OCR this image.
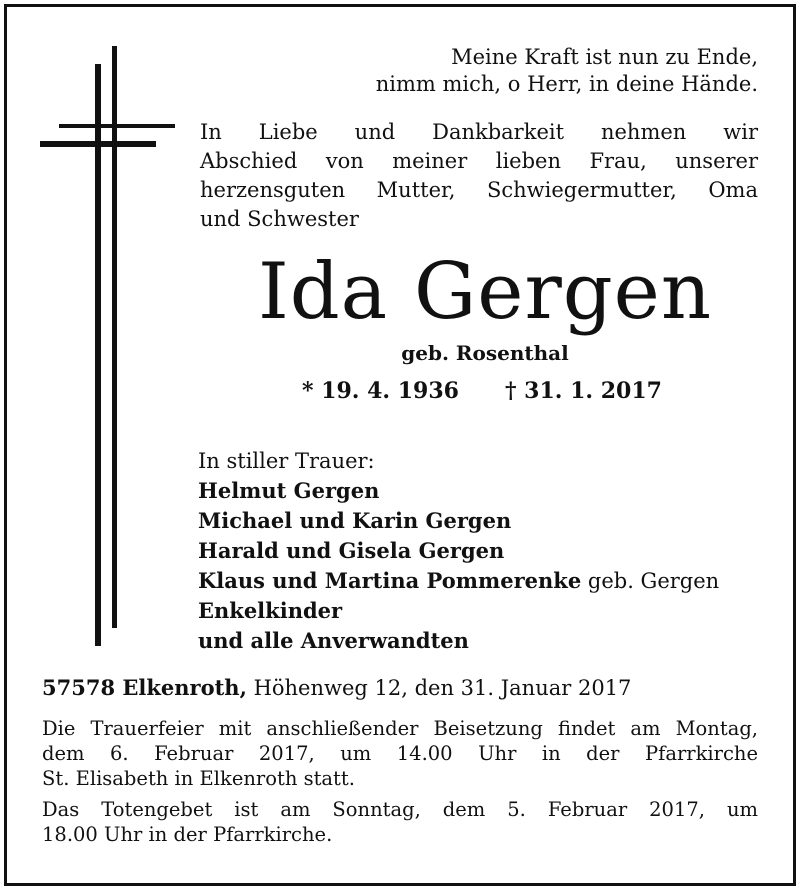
Meine Kraft ist nun zu Ende,
nimm mich, o Herr, in deine Hände.
In Liebe und Dankbarkeit nehmen wir
Abschied von meiner lieben Frau, unserer
herzensguten Mutter, Schwiegermutter, Oma
und Schwester
Ida Gergen
geb. Rosenthal
* 19. 4. 1936 † 31. 1. 2017
In stiller Trauer:
Helmut Gergen
Michael und Karin Gergen
Harald und Gisela Gergen
Klaus und Martina Pommerenke geb. Gergen
Enkelkinder
und alle Anverwandten
57578 Elkenroth, Höhenweg 12, den 31. Januar 2017
Die Trauerfeier mit anschließender Beisetzung findet am Montag,
dem 6. Februar 2017, um 14.00 Uhr in der Pfarrkirche
St. Elisabeth in Elkenroth statt.
Das Totengebet ist am Sonntag, dem 5. Februar 2017, um
18.00 Uhr in der Pfarrkirche.
